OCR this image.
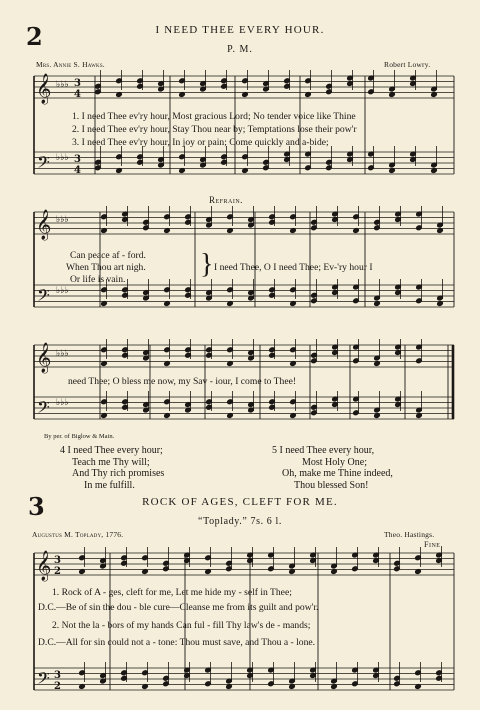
𝄞
𝄢
𝄞
𝄢
𝄞
𝄢
𝄞
𝄢
♭♭♭
♭♭♭
♭♭♭
♭♭♭
♭♭♭
♭♭♭
3
4
3
4
3
2
3
2
2	I NEED THEE EVERY HOUR.
P. M.
Mrs. Annie S. Hawks.	Robert Lowry.
1. I need Thee ev'ry hour, Most gracious Lord; No tender voice like Thine
2. I need Thee ev'ry hour, Stay Thou near by; Temptations lose their pow'r
3. I need Thee ev'ry hour, In joy or pain; Come quickly and a-bide;
Refrain.
Can peace af - ford.
When Thou art nigh.
Or life is vain.	} I need Thee, O I need Thee; Ev-'ry hour I
need Thee; O bless me now, my Sav - iour, I come to Thee!
By per. of Biglow & Main.
4 I need Thee every hour;
Teach me Thy will;
And Thy rich promises
In me fulfill.
5 I need Thee every hour,
Most Holy One;
Oh, make me Thine indeed,
Thou blessed Son!
3	ROCK OF AGES, CLEFT FOR ME.
“Toplady.” 7s. 6 l.
Augustus M. Toplady, 1776.	Theo. Hastings.
Fine.
1. Rock of A - ges, cleft for me, Let me hide my - self in Thee;
D.C.—Be of sin the dou - ble cure—Cleanse me from its guilt and pow'r.
2. Not the la - bors of my hands Can ful - fill Thy law's de - mands;
D.C.—All for sin could not a - tone: Thou must save, and Thou a - lone.
